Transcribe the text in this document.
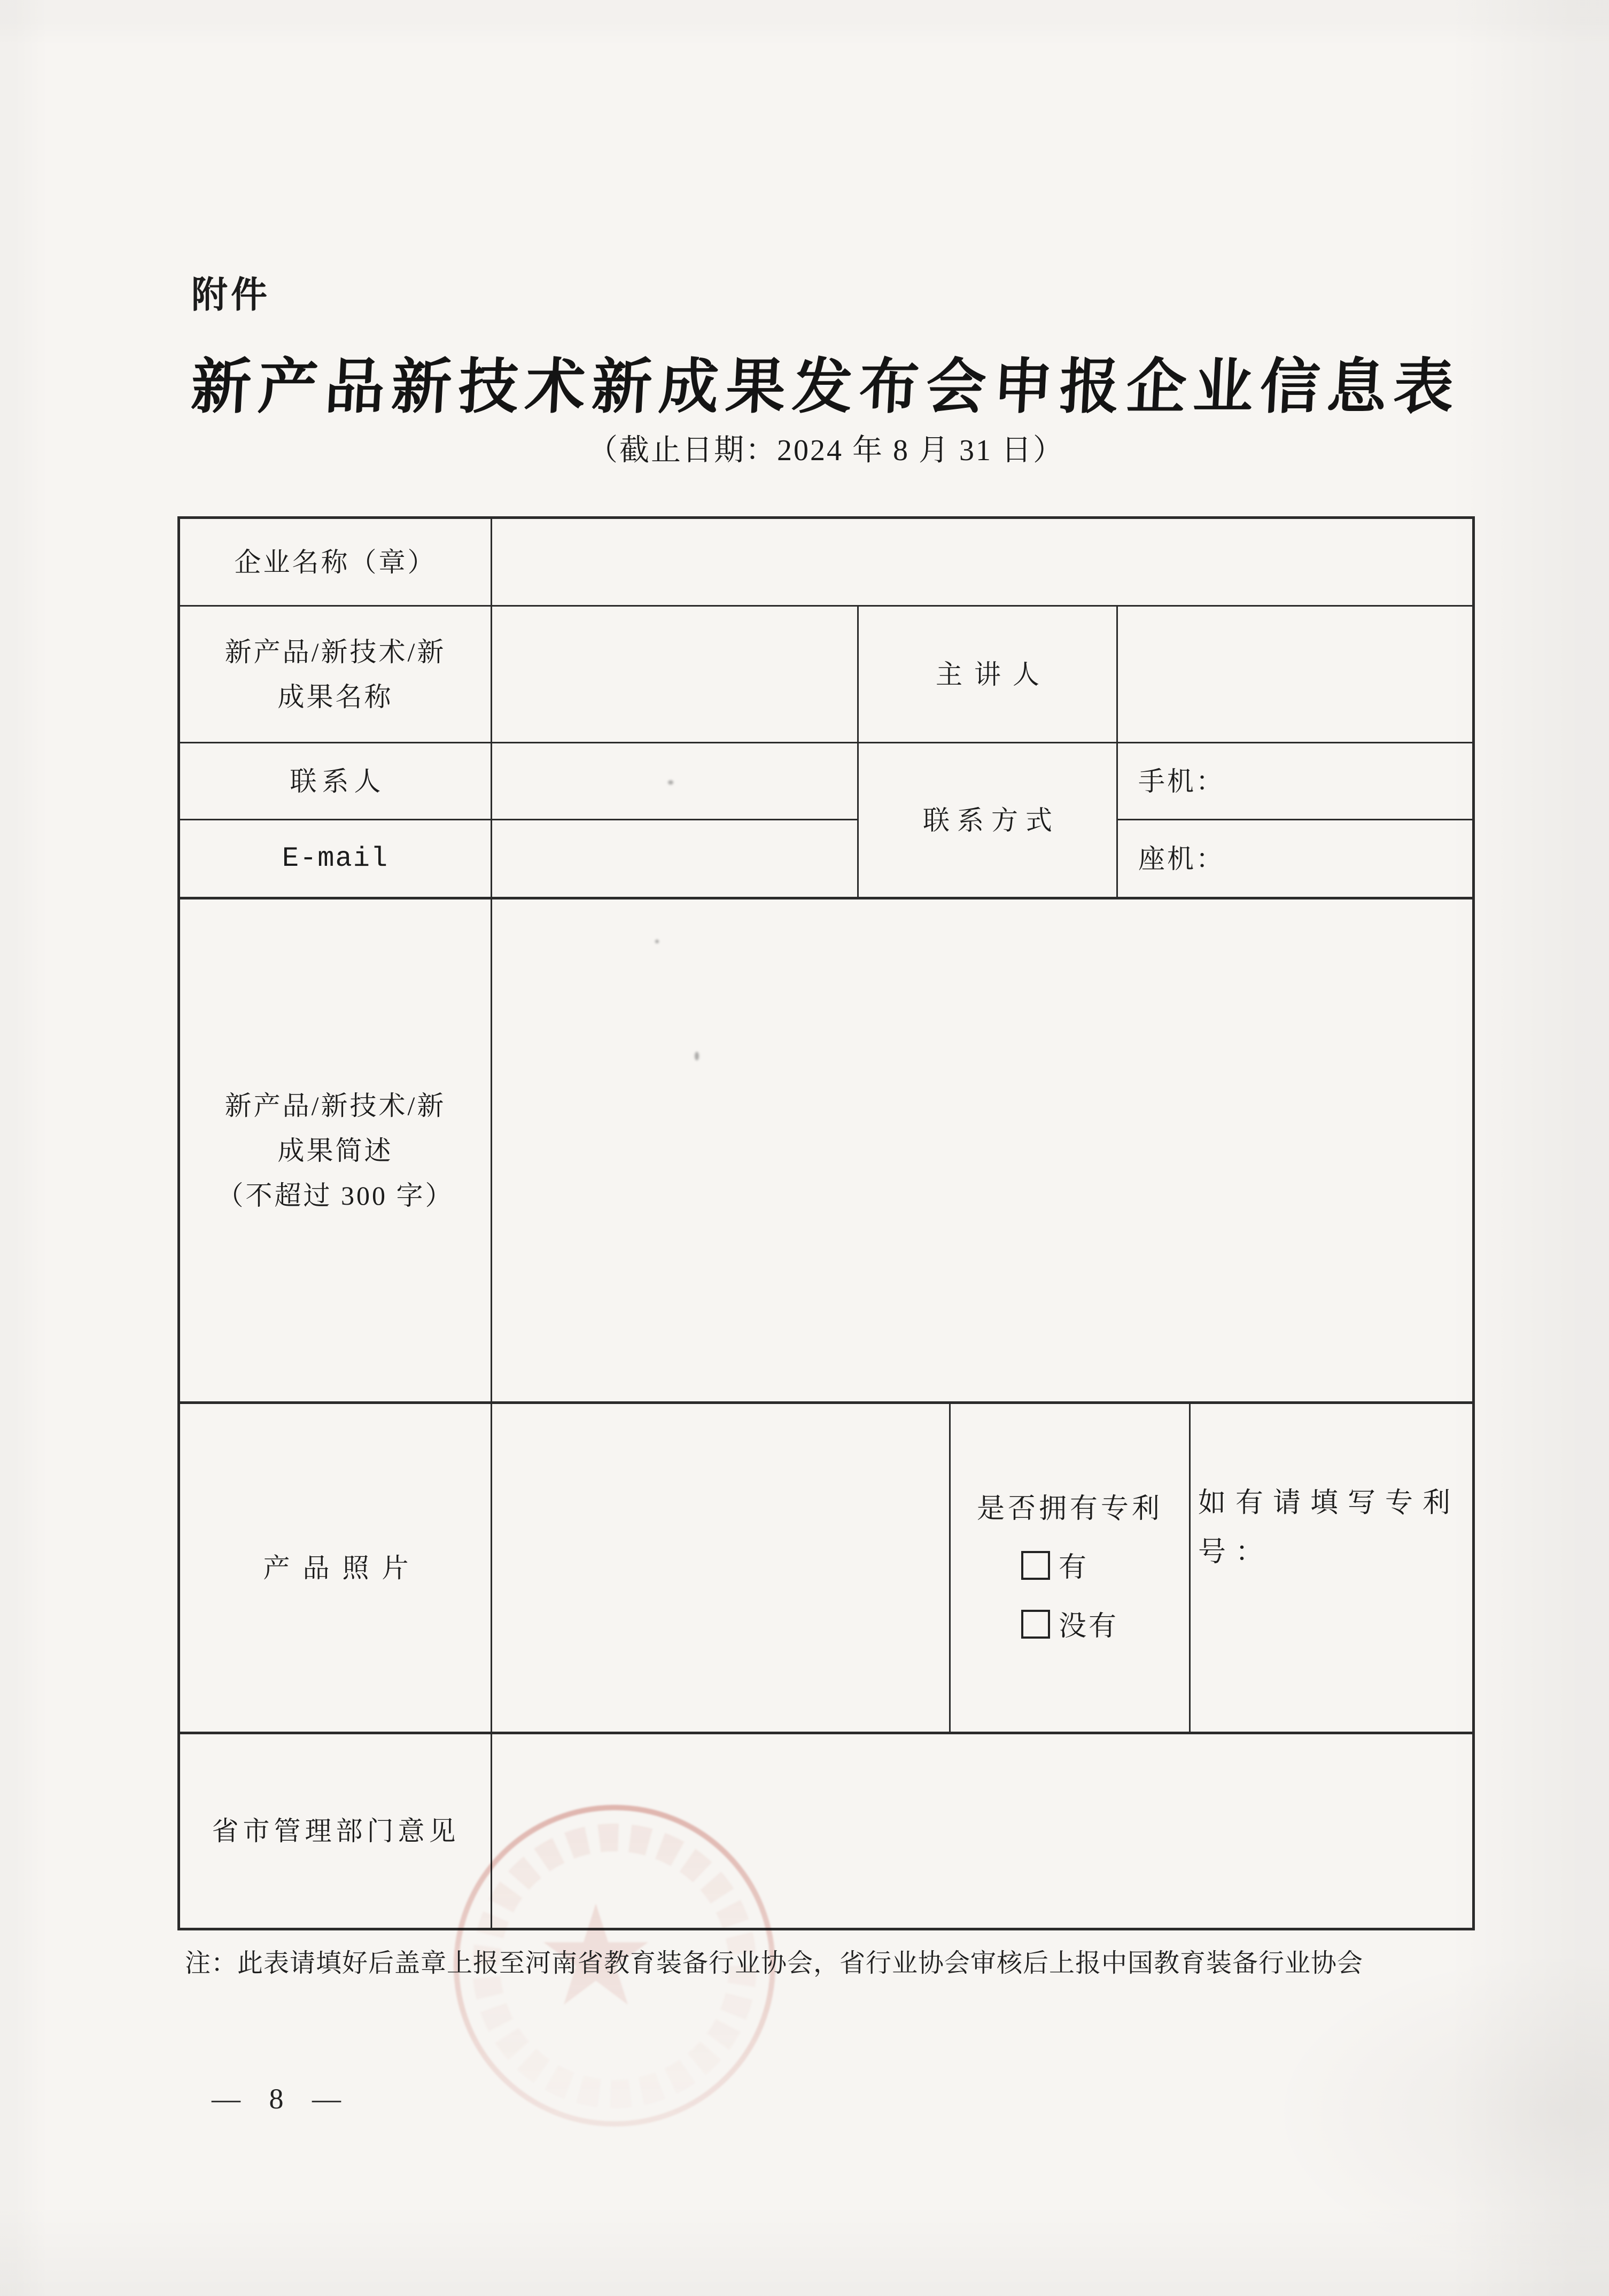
附件
新产品新技术新成果发布会申报企业信息表
（截止日期：2024 年 8 月 31 日）
企业名称（章）
新产品/新技术/新
成果名称
主讲人
联系人
联系方式
手机：
E-mail	座机：
新产品/新技术/新
成果简述
（不超过 300 字）
产品照片
是否拥有专利
有
没有
如有请填写专利号：
省市管理部门意见
注：此表请填好后盖章上报至河南省教育装备行业协会，省行业协会审核后上报中国教育装备行业协会
— 8 —
